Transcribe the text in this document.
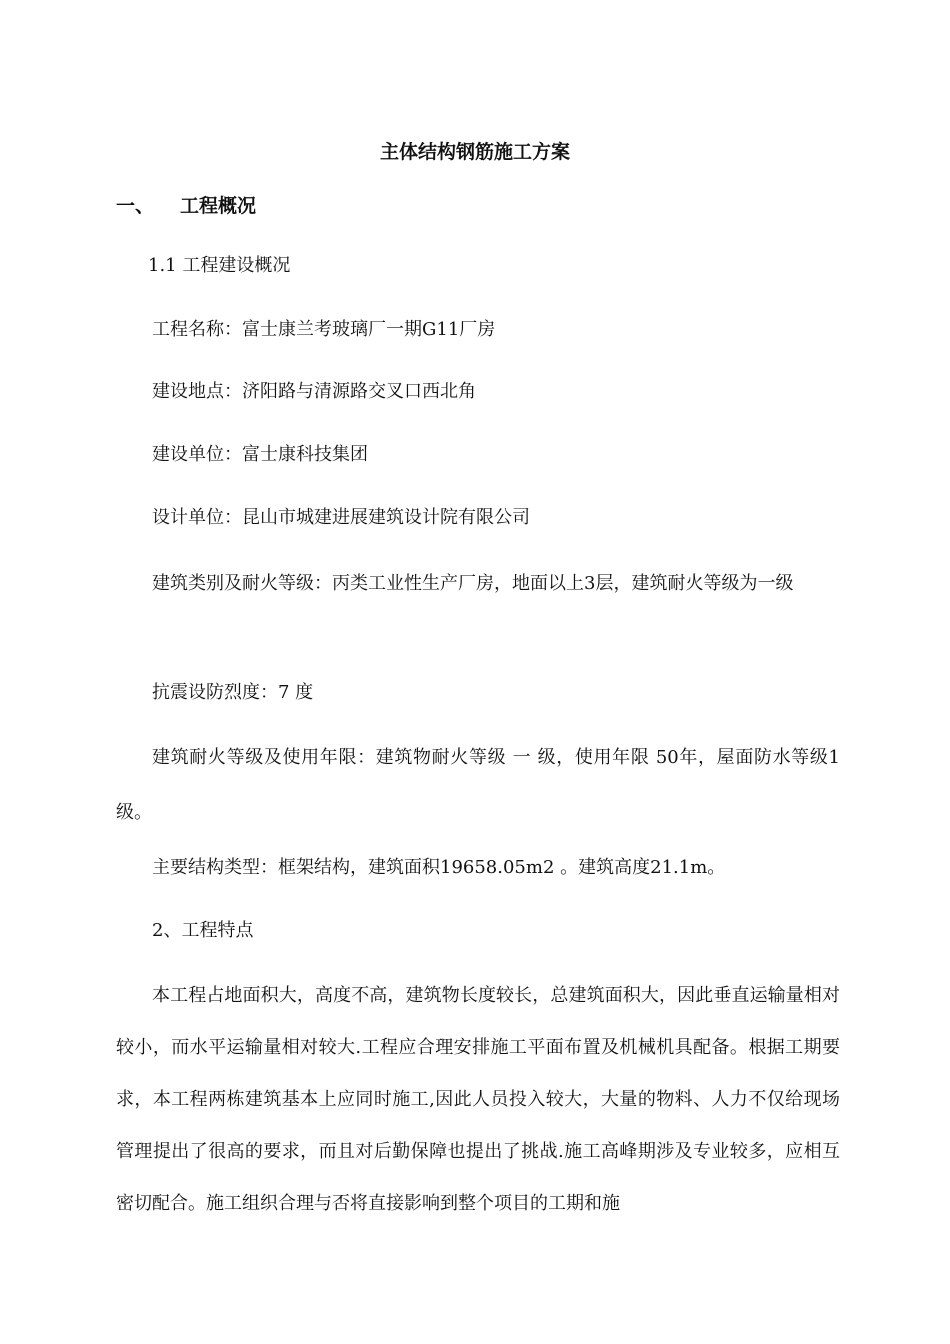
主体结构钢筋施工方案
一、 工程概况
1.1 工程建设概况
工程名称：富士康兰考玻璃厂一期G11厂房
建设地点：济阳路与清源路交叉口西北角
建设单位：富士康科技集团
设计单位：昆山市城建进展建筑设计院有限公司
建筑类别及耐火等级：丙类工业性生产厂房，地面以上3层，建筑耐火等级为一级
抗震设防烈度：7 度
建筑耐火等级及使用年限：建筑物耐火等级 一 级，使用年限 50年，屋面防水等级1级。
主要结构类型：框架结构，建筑面积19658.05m2 。建筑高度21.1m。
2、工程特点
本工程占地面积大，高度不高，建筑物长度较长，总建筑面积大，因此垂直运输量相对较小，而水平运输量相对较大.工程应合理安排施工平面布置及机械机具配备。根据工期要求，本工程两栋建筑基本上应同时施工,因此人员投入较大，大量的物料、人力不仅给现场管理提出了很高的要求，而且对后勤保障也提出了挑战.施工高峰期涉及专业较多，应相互密切配合。施工组织合理与否将直接影响到整个项目的工期和施
